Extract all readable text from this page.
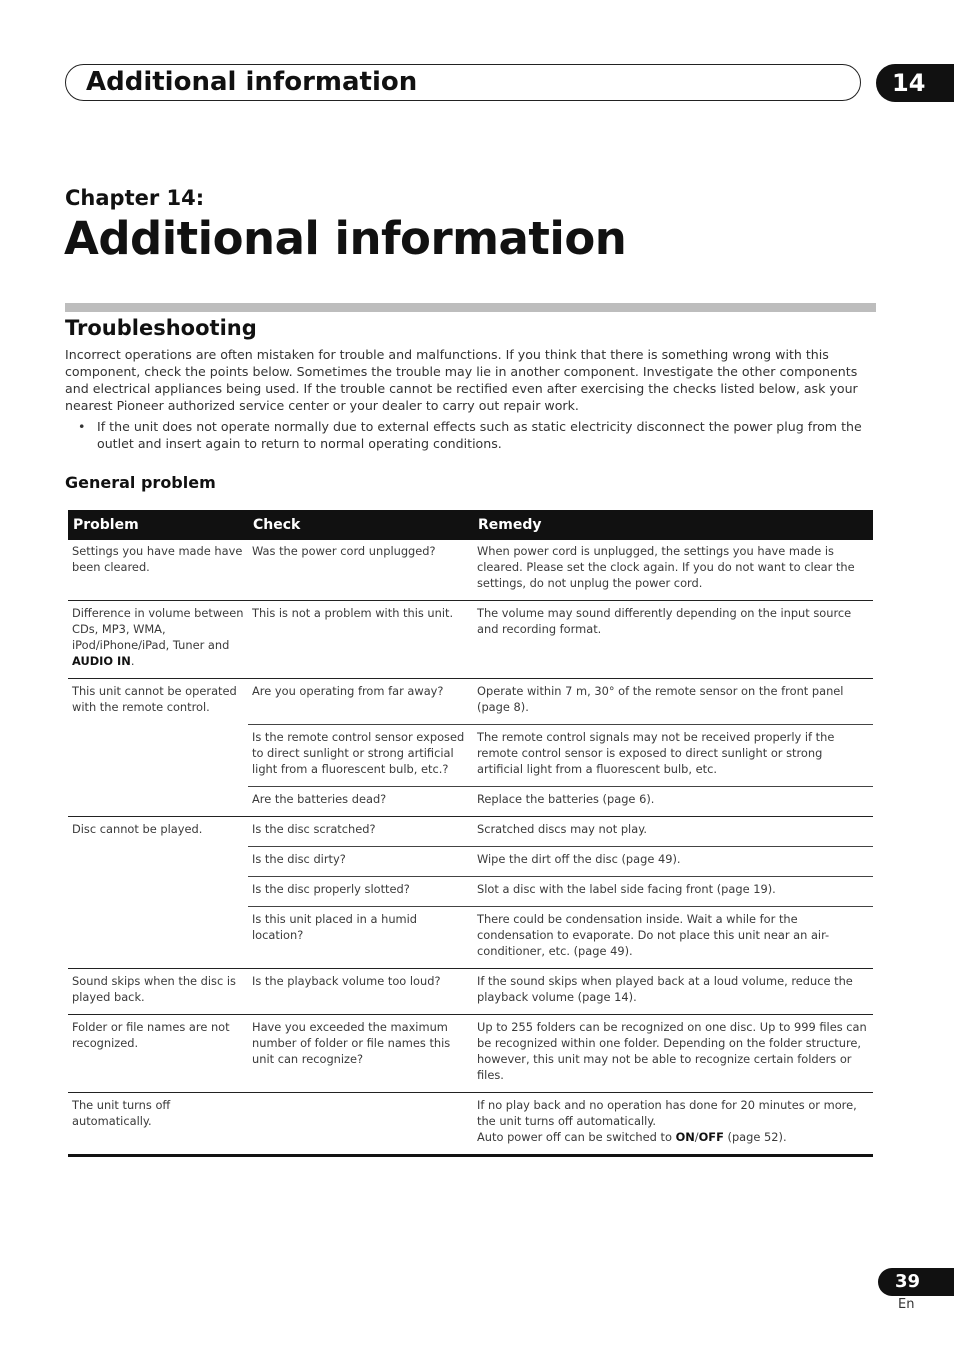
Additional information	14
Chapter 14:
Additional information
Troubleshooting

Incorrect operations are often mistaken for trouble and malfunctions. If you think that there is something wrong with this component, check the points below. Sometimes the trouble may lie in another component. Investigate the other components and electrical appliances being used. If the trouble cannot be rectified even after exercising the checks listed below, ask your nearest Pioneer authorized service center or your dealer to carry out repair work.

• If the unit does not operate normally due to external effects such as static electricity disconnect the power plug from the outlet and insert again to return to normal operating conditions.

General problem
Problem	Check	Remedy
Settings you have made have been cleared.	Was the power cord unplugged?	When power cord is unplugged, the settings you have made is cleared. Please set the clock again. If you do not want to clear the settings, do not unplug the power cord.
Difference in volume between CDs, MP3, WMA, iPod/iPhone/iPad, Tuner and AUDIO IN.	This is not a problem with this unit.	The volume may sound differently depending on the input source and recording format.
This unit cannot be operated with the remote control.	Are you operating from far away?	Operate within 7 m, 30° of the remote sensor on the front panel (page 8).
	Is the remote control sensor exposed to direct sunlight or strong artificial light from a fluorescent bulb, etc.?	The remote control signals may not be received properly if the remote control sensor is exposed to direct sunlight or strong artificial light from a fluorescent bulb, etc.
	Are the batteries dead?	Replace the batteries (page 6).
Disc cannot be played.	Is the disc scratched?	Scratched discs may not play.
	Is the disc dirty?	Wipe the dirt off the disc (page 49).
	Is the disc properly slotted?	Slot a disc with the label side facing front (page 19).
	Is this unit placed in a humid location?	There could be condensation inside. Wait a while for the condensation to evaporate. Do not place this unit near an air-conditioner, etc. (page 49).
Sound skips when the disc is played back.	Is the playback volume too loud?	If the sound skips when played back at a loud volume, reduce the playback volume (page 14).
Folder or file names are not recognized.	Have you exceeded the maximum number of folder or file names this unit can recognize?	Up to 255 folders can be recognized on one disc. Up to 999 files can be recognized within one folder. Depending on the folder structure, however, this unit may not be able to recognize certain folders or files.
The unit turns off automatically.		If no play back and no operation has done for 20 minutes or more, the unit turns off automatically.
Auto power off can be switched to ON/OFF (page 52).
39
En
